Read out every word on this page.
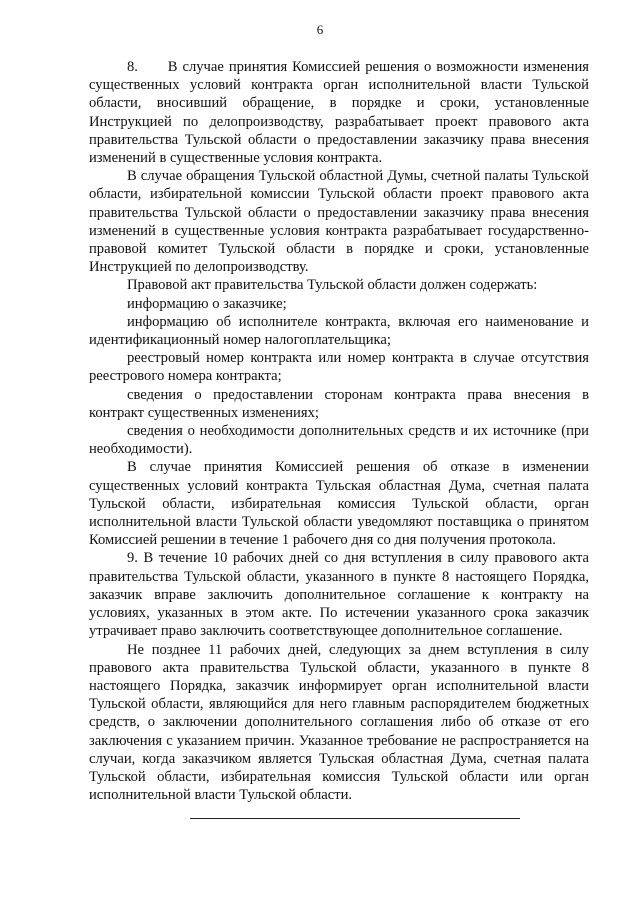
6

8.      В случае принятия Комиссией решения о возможности изменения существенных условий контракта орган исполнительной власти Тульской области, вносивший обращение, в порядке и сроки, установленные Инструкцией по делопроизводству, разрабатывает проект правового акта правительства Тульской области о предоставлении заказчику права внесения изменений в существенные условия контракта.

В случае обращения Тульской областной Думы, счетной палаты Тульской области, избирательной комиссии Тульской области проект правового акта правительства Тульской области о предоставлении заказчику права внесения изменений в существенные условия контракта разрабатывает государственно-правовой комитет Тульской области в порядке и сроки, установленные Инструкцией по делопроизводству.

Правовой акт правительства Тульской области должен содержать:

информацию о заказчике;

информацию об исполнителе контракта, включая его наименование и идентификационный номер налогоплательщика;

реестровый номер контракта или номер контракта в случае отсутствия реестрового номера контракта;

сведения о предоставлении сторонам контракта права внесения в контракт существенных изменениях;

сведения о необходимости дополнительных средств и их источнике (при необходимости).

В случае принятия Комиссией решения об отказе в изменении существенных условий контракта Тульская областная Дума, счетная палата Тульской области, избирательная комиссия Тульской области, орган исполнительной власти Тульской области уведомляют поставщика о принятом Комиссией решении в течение 1 рабочего дня со дня получения протокола.

9. В течение 10 рабочих дней со дня вступления в силу правового акта правительства Тульской области, указанного в пункте 8 настоящего Порядка, заказчик вправе заключить дополнительное соглашение к контракту на условиях, указанных в этом акте. По истечении указанного срока заказчик утрачивает право заключить соответствующее дополнительное соглашение.

Не позднее 11 рабочих дней, следующих за днем вступления в силу правового акта правительства Тульской области, указанного в пункте 8 настоящего Порядка, заказчик информирует орган исполнительной власти Тульской области, являющийся для него главным распорядителем бюджетных средств, о заключении дополнительного соглашения либо об отказе от его заключения с указанием причин. Указанное требование не распространяется на случаи, когда заказчиком является Тульская областная Дума, счетная палата Тульской области, избирательная комиссия Тульской области или орган исполнительной власти Тульской области.
